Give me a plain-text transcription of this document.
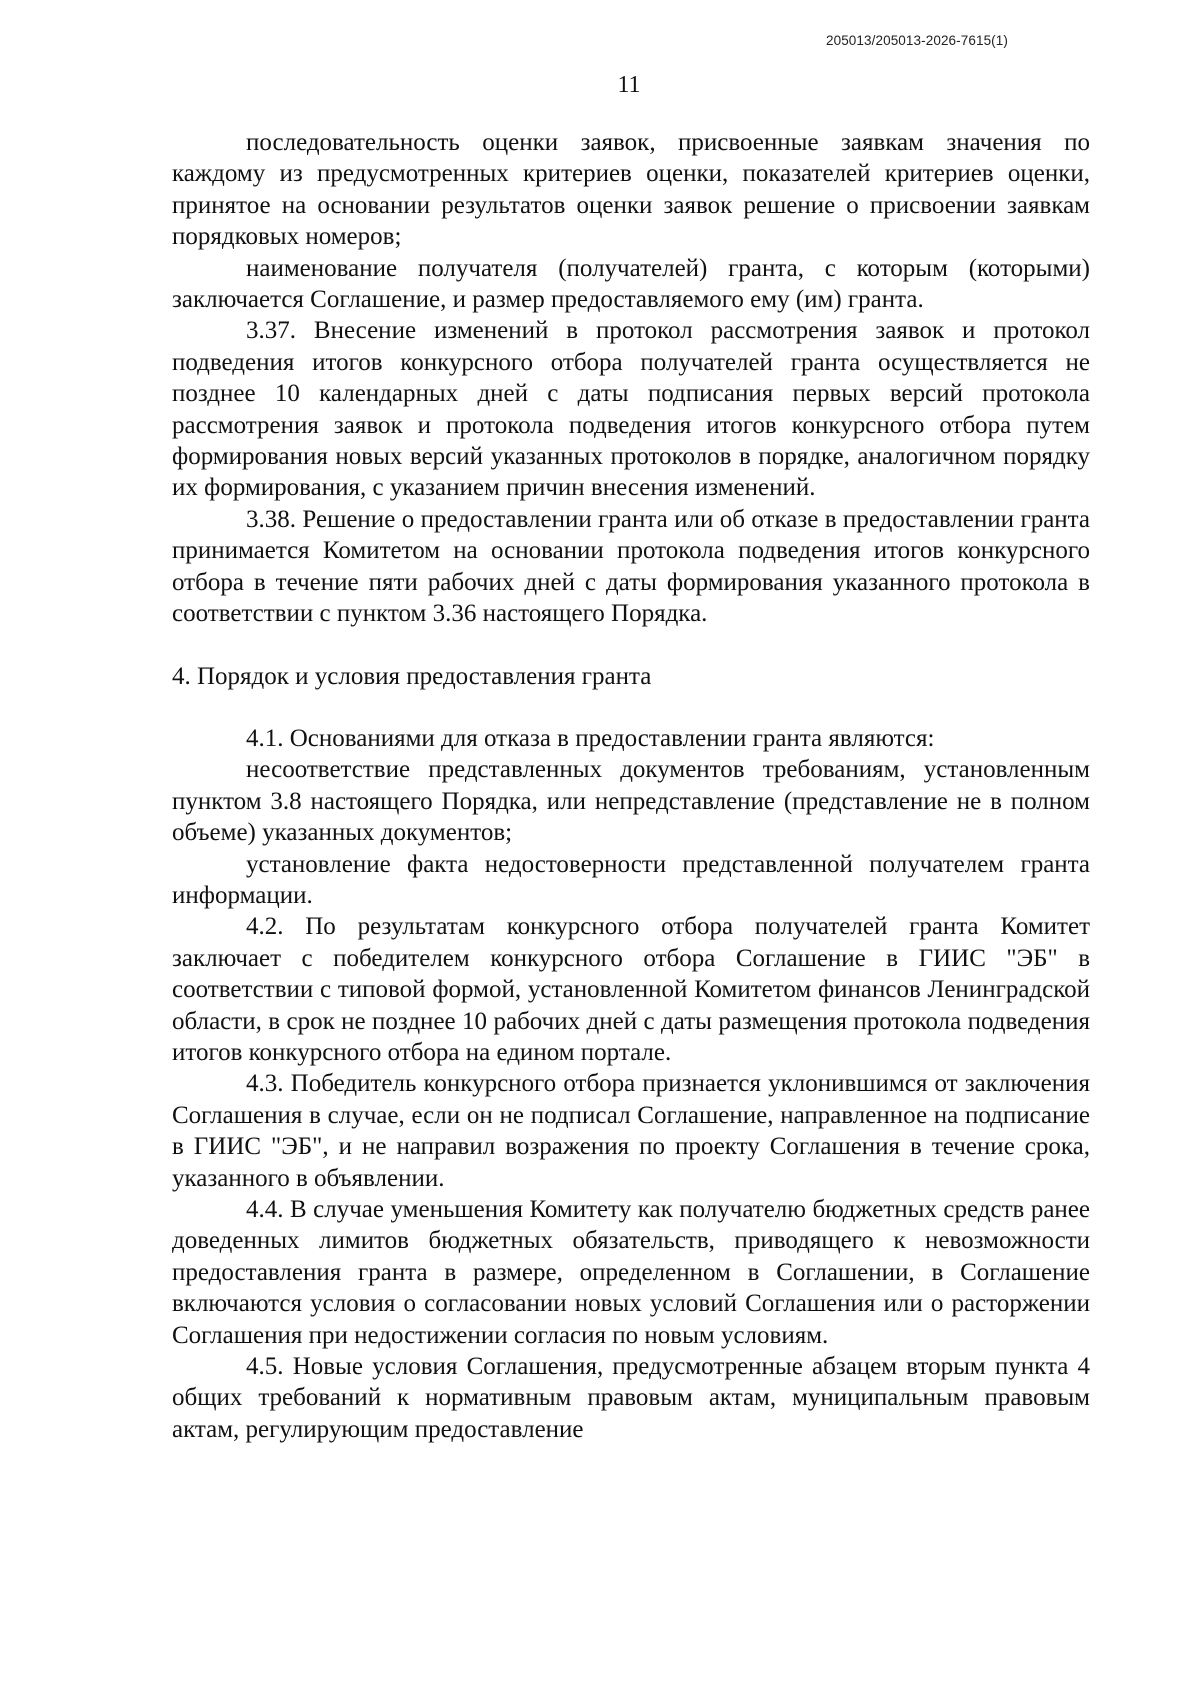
205013/205013-2026-7615(1)
11

последовательность оценки заявок, присвоенные заявкам значения по каждому из предусмотренных критериев оценки, показателей критериев оценки, принятое на основании результатов оценки заявок решение о присвоении заявкам порядковых номеров;

наименование получателя (получателей) гранта, с которым (которыми) заключается Соглашение, и размер предоставляемого ему (им) гранта.

3.37. Внесение изменений в протокол рассмотрения заявок и протокол подведения итогов конкурсного отбора получателей гранта осуществляется не позднее 10 календарных дней с даты подписания первых версий протокола рассмотрения заявок и протокола подведения итогов конкурсного отбора путем формирования новых версий указанных протоколов в порядке, аналогичном порядку их формирования, с указанием причин внесения изменений.

3.38. Решение о предоставлении гранта или об отказе в предоставлении гранта принимается Комитетом на основании протокола подведения итогов конкурсного отбора в течение пяти рабочих дней с даты формирования указанного протокола в соответствии с пунктом 3.36 настоящего Порядка.

4. Порядок и условия предоставления гранта

4.1. Основаниями для отказа в предоставлении гранта являются:

несоответствие представленных документов требованиям, установленным пунктом 3.8 настоящего Порядка, или непредставление (представление не в полном объеме) указанных документов;

установление факта недостоверности представленной получателем гранта информации.

4.2. По результатам конкурсного отбора получателей гранта Комитет заключает с победителем конкурсного отбора Соглашение в ГИИС "ЭБ" в соответствии с типовой формой, установленной Комитетом финансов Ленинградской области, в срок не позднее 10 рабочих дней с даты размещения протокола подведения итогов конкурсного отбора на едином портале.

4.3. Победитель конкурсного отбора признается уклонившимся от заключения Соглашения в случае, если он не подписал Соглашение, направленное на подписание в ГИИС "ЭБ", и не направил возражения по проекту Соглашения в течение срока, указанного в объявлении.

4.4. В случае уменьшения Комитету как получателю бюджетных средств ранее доведенных лимитов бюджетных обязательств, приводящего к невозможности предоставления гранта в размере, определенном в Соглашении, в Соглашение включаются условия о согласовании новых условий Соглашения или о расторжении Соглашения при недостижении согласия по новым условиям.

4.5. Новые условия Соглашения, предусмотренные абзацем вторым пункта 4 общих требований к нормативным правовым актам, муниципальным правовым актам, регулирующим предоставление
